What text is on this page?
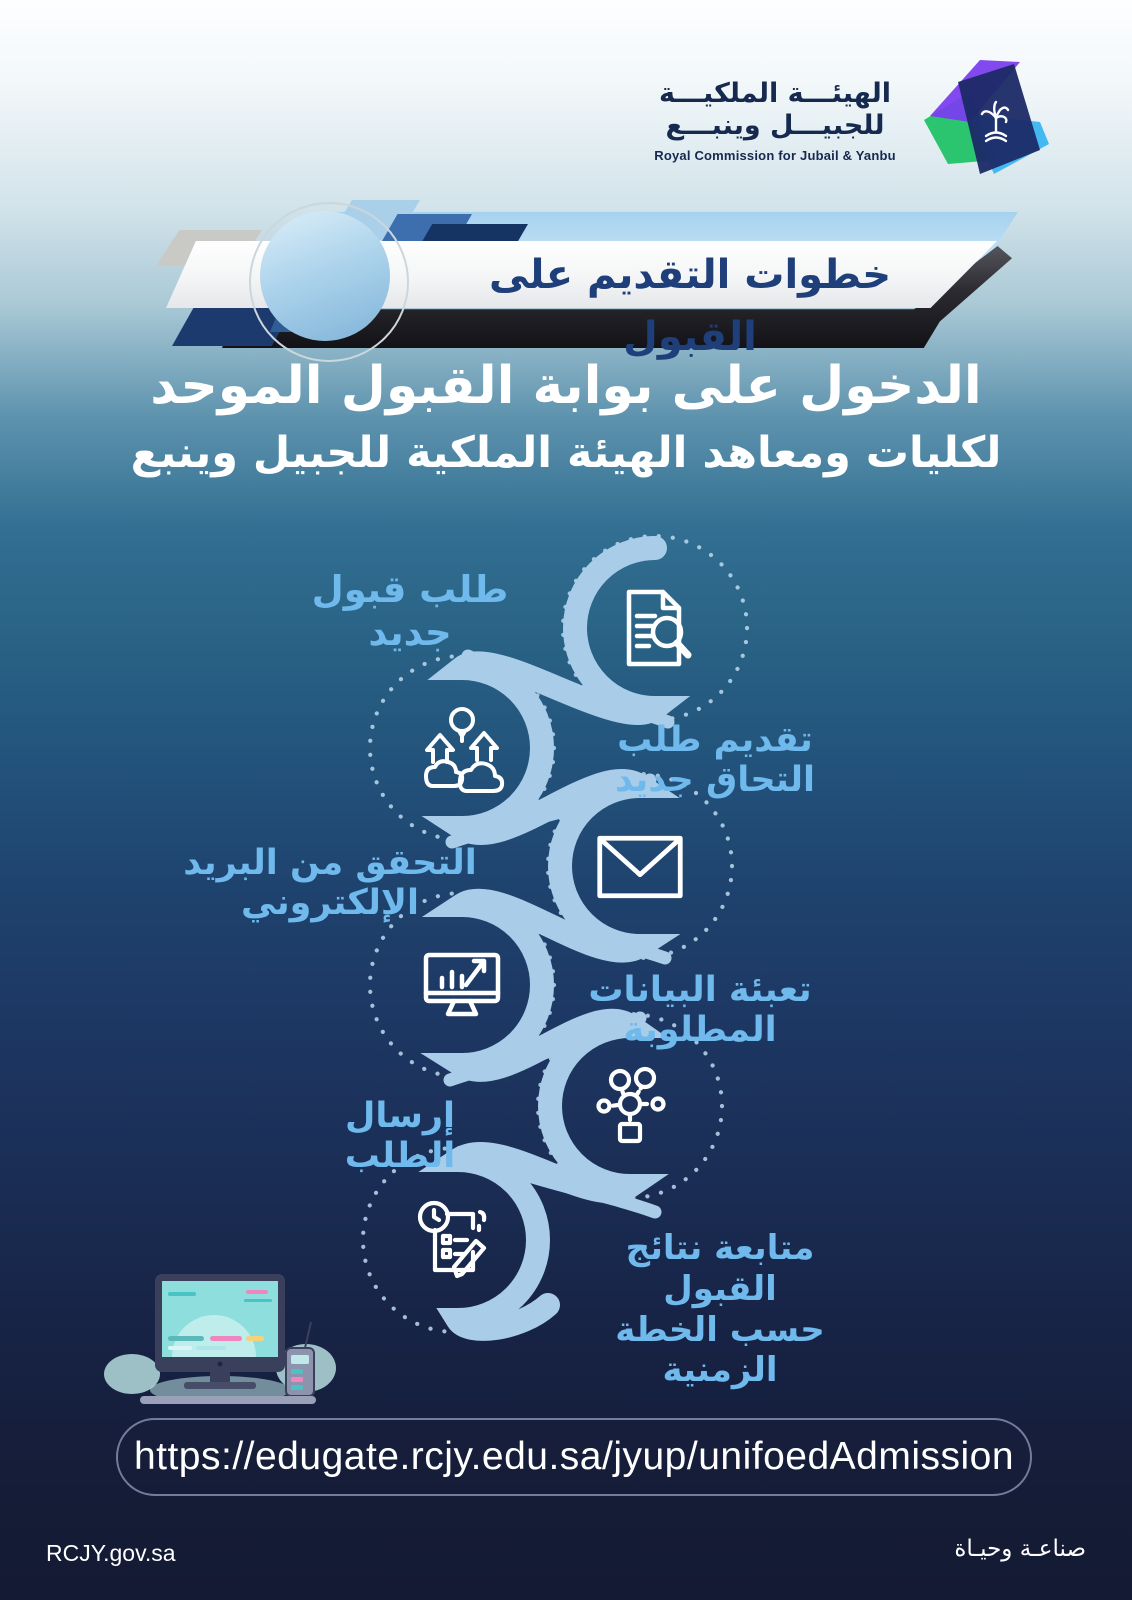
الهيئـــة الملكيـــة
للجبيـــل وينبـــع
Royal Commission for Jubail & Yanbu
خطوات التقديم على القبول
الدخول على بوابة القبول الموحد
لكليات ومعاهد الهيئة الملكية للجبيل وينبع
طلب قبول جديد
تقديم طلب التحاق جديد
التحقق من البريد الإلكتروني
تعبئة البيانات المطلوبة
إرسال الطلب
متابعة نتائج القبول
حسب الخطة الزمنية
https://edugate.rcjy.edu.sa/jyup/unifoedAdmission
RCJY.gov.sa	صناعـة وحيـاة
